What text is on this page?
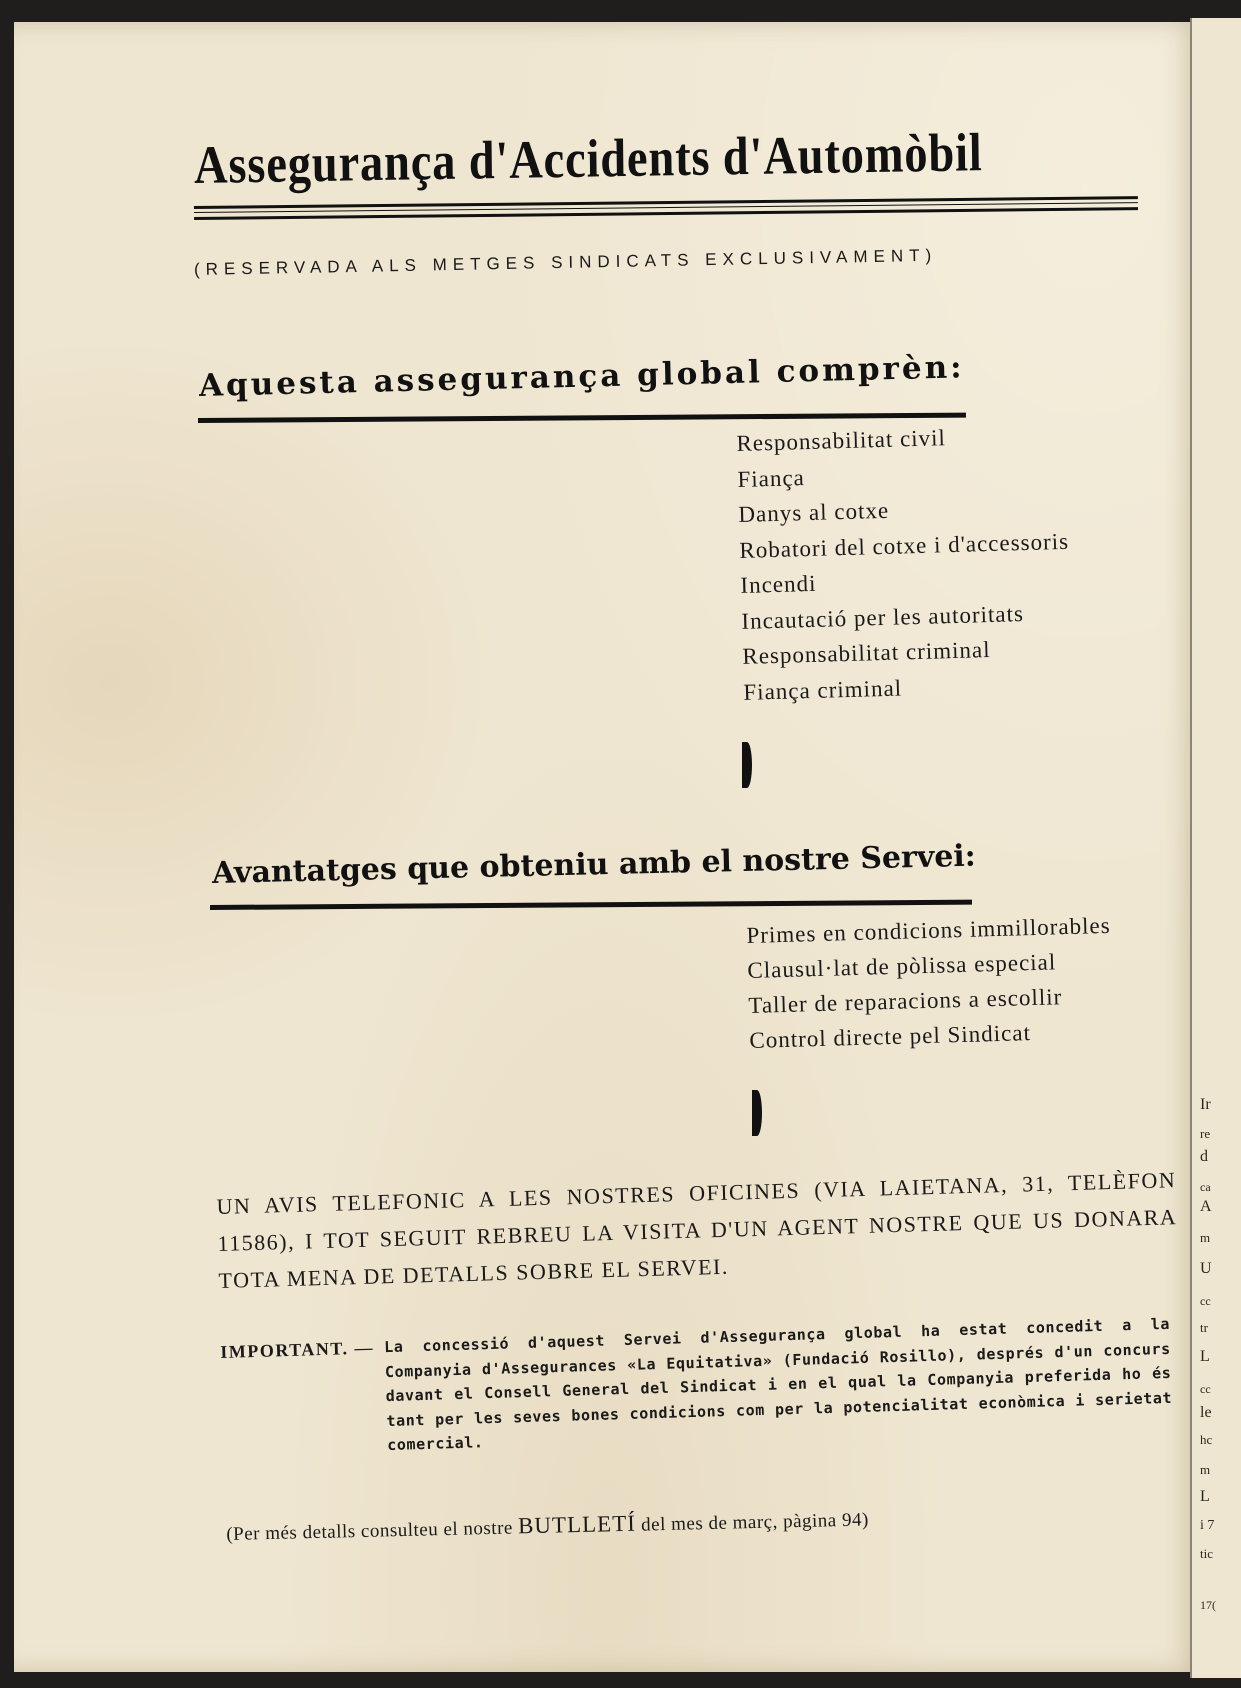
Assegurança d'Accidents d'Automòbil
(RESERVADA ALS METGES SINDICATS EXCLUSIVAMENT)
Aquesta assegurança global comprèn:
Responsabilitat civil
Fiança
Danys al cotxe
Robatori del cotxe i d'accessoris
Incendi
Incautació per les autoritats
Responsabilitat criminal
Fiança criminal
Avantatges que obteniu amb el nostre Servei:
Primes en condicions immillorables
Clausul·lat de pòlissa especial
Taller de reparacions a escollir
Control directe pel Sindicat
UN AVIS TELEFONIC A LES NOSTRES OFICINES (VIA LAIETANA, 31, TELÈFON 11586), I TOT SEGUIT REBREU LA VISITA D'UN AGENT NOSTRE QUE US DONARA TOTA MENA DE DETALLS SOBRE EL SERVEI.
IMPORTANT. — La concessió d'aquest Servei d'Assegurança global ha estat concedit a la Companyia d'Assegurances «La Equitativa» (Fundació Rosillo), després d'un concurs davant el Consell General del Sindicat i en el qual la Companyia preferida ho és tant per les seves bones condicions com per la potencialitat econòmica i serietat comercial.
(Per més detalls consulteu el nostre BUTLLETÍ del mes de març, pàgina 94)
Ir
re
d
ca
A
m
U
cc
tr
L
cc
le
hc
m
L
i 7
tic
17(
